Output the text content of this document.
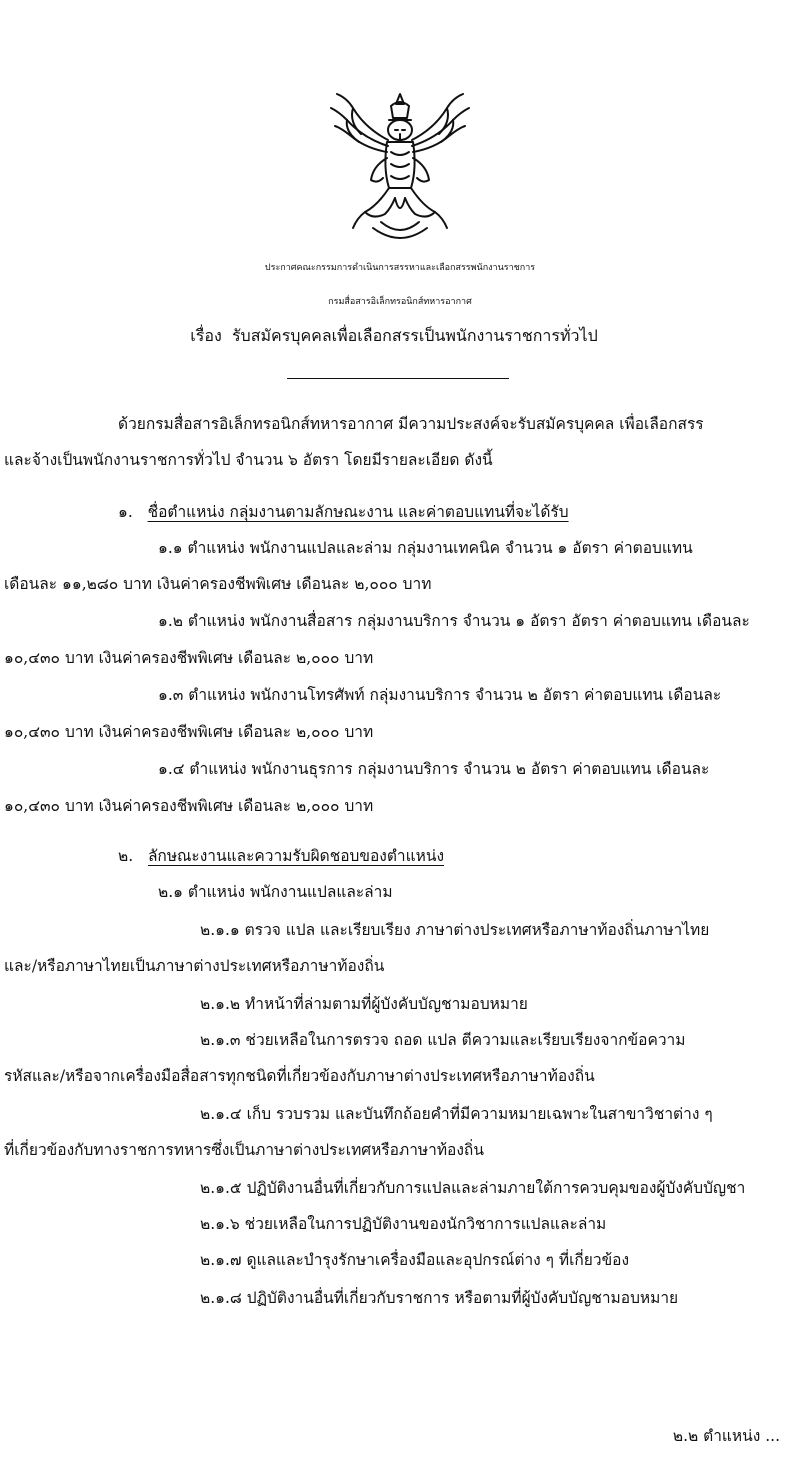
ประกาศคณะกรรมการดำเนินการสรรหาและเลือกสรรพนักงานราชการ
กรมสื่อสารอิเล็กทรอนิกส์ทหารอากาศ
เรื่อง รับสมัครบุคคลเพื่อเลือกสรรเป็นพนักงานราชการทั่วไป
ด้วยกรมสื่อสารอิเล็กทรอนิกส์ทหารอากาศ มีความประสงค์จะรับสมัครบุคคล เพื่อเลือกสรร
และจ้างเป็นพนักงานราชการทั่วไป จำนวน ๖ อัตรา โดยมีรายละเอียด ดังนี้
๑. ชื่อตำแหน่ง กลุ่มงานตามลักษณะงาน และค่าตอบแทนที่จะได้รับ
๑.๑ ตำแหน่ง พนักงานแปลและล่าม กลุ่มงานเทคนิค จำนวน ๑ อัตรา ค่าตอบแทน
เดือนละ ๑๑,๒๘๐ บาท เงินค่าครองชีพพิเศษ เดือนละ ๒,๐๐๐ บาท
๑.๒ ตำแหน่ง พนักงานสื่อสาร กลุ่มงานบริการ จำนวน ๑ อัตรา อัตรา ค่าตอบแทน เดือนละ
๑๐,๔๓๐ บาท เงินค่าครองชีพพิเศษ เดือนละ ๒,๐๐๐ บาท
๑.๓ ตำแหน่ง พนักงานโทรศัพท์ กลุ่มงานบริการ จำนวน ๒ อัตรา ค่าตอบแทน เดือนละ
๑๐,๔๓๐ บาท เงินค่าครองชีพพิเศษ เดือนละ ๒,๐๐๐ บาท
๑.๔ ตำแหน่ง พนักงานธุรการ กลุ่มงานบริการ จำนวน ๒ อัตรา ค่าตอบแทน เดือนละ
๑๐,๔๓๐ บาท เงินค่าครองชีพพิเศษ เดือนละ ๒,๐๐๐ บาท
๒. ลักษณะงานและความรับผิดชอบของตำแหน่ง
๒.๑ ตำแหน่ง พนักงานแปลและล่าม
๒.๑.๑ ตรวจ แปล และเรียบเรียง ภาษาต่างประเทศหรือภาษาท้องถิ่นภาษาไทย
และ/หรือภาษาไทยเป็นภาษาต่างประเทศหรือภาษาท้องถิ่น
๒.๑.๒ ทำหน้าที่ล่ามตามที่ผู้บังคับบัญชามอบหมาย
๒.๑.๓ ช่วยเหลือในการตรวจ ถอด แปล ตีความและเรียบเรียงจากข้อความ
รหัสและ/หรือจากเครื่องมือสื่อสารทุกชนิดที่เกี่ยวข้องกับภาษาต่างประเทศหรือภาษาท้องถิ่น
๒.๑.๔ เก็บ รวบรวม และบันทึกถ้อยคำที่มีความหมายเฉพาะในสาขาวิชาต่าง ๆ
ที่เกี่ยวข้องกับทางราชการทหารซึ่งเป็นภาษาต่างประเทศหรือภาษาท้องถิ่น
๒.๑.๕ ปฏิบัติงานอื่นที่เกี่ยวกับการแปลและล่ามภายใต้การควบคุมของผู้บังคับบัญชา
๒.๑.๖ ช่วยเหลือในการปฏิบัติงานของนักวิชาการแปลและล่าม
๒.๑.๗ ดูแลและบำรุงรักษาเครื่องมือและอุปกรณ์ต่าง ๆ ที่เกี่ยวข้อง
๒.๑.๘ ปฏิบัติงานอื่นที่เกี่ยวกับราชการ หรือตามที่ผู้บังคับบัญชามอบหมาย
๒.๒ ตำแหน่ง ...
